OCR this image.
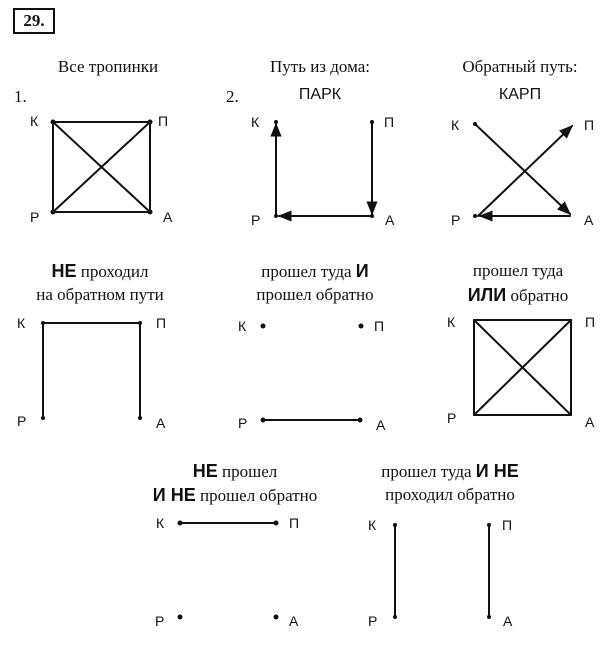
29.
Все тропинки
1.
Путь из дома:
2.	ПАРК
Обратный путь:
КАРП
НЕ проходил
на обратном пути
прошел туда И
прошел обратно
прошел туда
ИЛИ обратно
НЕ прошел
И НЕ прошел обратно
прошел туда И НЕ
проходил обратно
К	П
Р	А
К	П
Р	А
К	П
Р	А
К	П
Р	А
К	П
Р	А
К	П
Р	А
К	П
Р	А
К	П
Р	А
